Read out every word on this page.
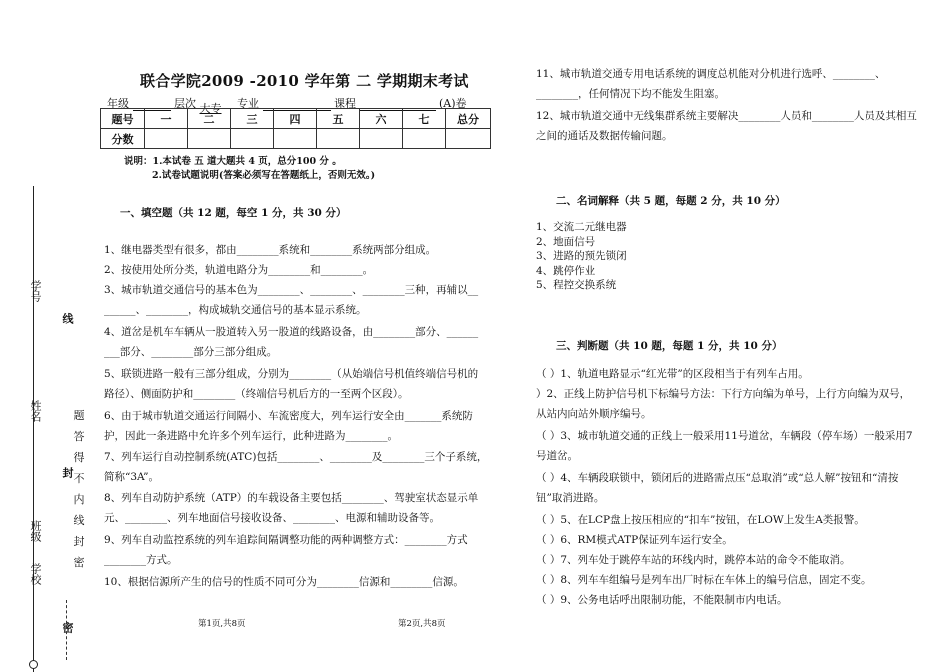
学号
姓名
班级
学校
线
封
密
题
答
得
不
内
线
封
密
联合学院2009 -2010 学年第 二 学期期末考试
年级	层次 大专 专业	课程	(A)卷
题号	一	二	三	四	五	六	七	总分
分数								
说明：1.本试卷 五 道大题共 4 页，总分100 分 。
2.试卷试题说明(答案必须写在答题纸上，否则无效。)
一、填空题（共 12 题，每空 1 分，共 30 分）
1、继电器类型有很多，都由________系统和________系统两部分组成。
2、按使用处所分类，轨道电路分为________和________。
3、城市轨道交通信号的基本色为________、________、________三种，再辅以__ ______、________，构成城轨交通信号的基本显示系统。
4、道岔是机车车辆从一股道转入另一股道的线路设备，由________部分、______ ___部分、________部分三部分组成。
5、联锁进路一般有三部分组成，分别为________（从始端信号机值终端信号机的路径）、侧面防护和________（终端信号机后方的一至两个区段）。
6、由于城市轨道交通运行间隔小、车流密度大，列车运行安全由_______系统防护，因此一条进路中允许多个列车运行，此种进路为________。
7、列车运行自动控制系统(ATC)包括________、________及________三个子系统，简称“3A”。
8、列车自动防护系统（ATP）的车载设备主要包括________、驾驶室状态显示单元、________、列车地面信号接收设备、________、电源和辅助设备等。
9、列车自动监控系统的列车追踪间隔调整功能的两种调整方式：________方式________方式。
10、根据信源所产生的信号的性质不同可分为________信源和________信源。
11、城市轨道交通专用电话系统的调度总机能对分机进行选呼、________、________，任何情况下均不能发生阻塞。
12、城市轨道交通中无线集群系统主要解决________人员和________人员及其相互之间的通话及数据传输问题。
二、名词解释（共 5 题，每题 2 分，共 10 分）
1、交流二元继电器
2、地面信号
3、进路的预先锁闭
4、跳停作业
5、程控交换系统
三、判断题（共 10 题，每题 1 分，共 10 分）
（ ）1、轨道电路显示“红光带”的区段相当于有列车占用。
）2、正线上防护信号机下标编号方法：下行方向编为单号，上行方向编为双号，从站内向站外顺序编号。
（ ）3、城市轨道交通的正线上一般采用11号道岔，车辆段（停车场）一般采用7号道岔。
（ ）4、车辆段联锁中，锁闭后的进路需点压“总取消”或“总人解”按钮和“清按钮”取消进路。
（ ）5、在LCP盘上按压相应的“扣车”按钮，在LOW上发生A类报警。
（ ）6、RM模式ATP保证列车运行安全。
（ ）7、列车处于跳停车站的环线内时，跳停本站的命令不能取消。
（ ）8、列车车组编号是列车出厂时标在车体上的编号信息，固定不变。
（ ）9、公务电话呼出限制功能，不能限制市内电话。
第1页,共8页	第2页,共8页
